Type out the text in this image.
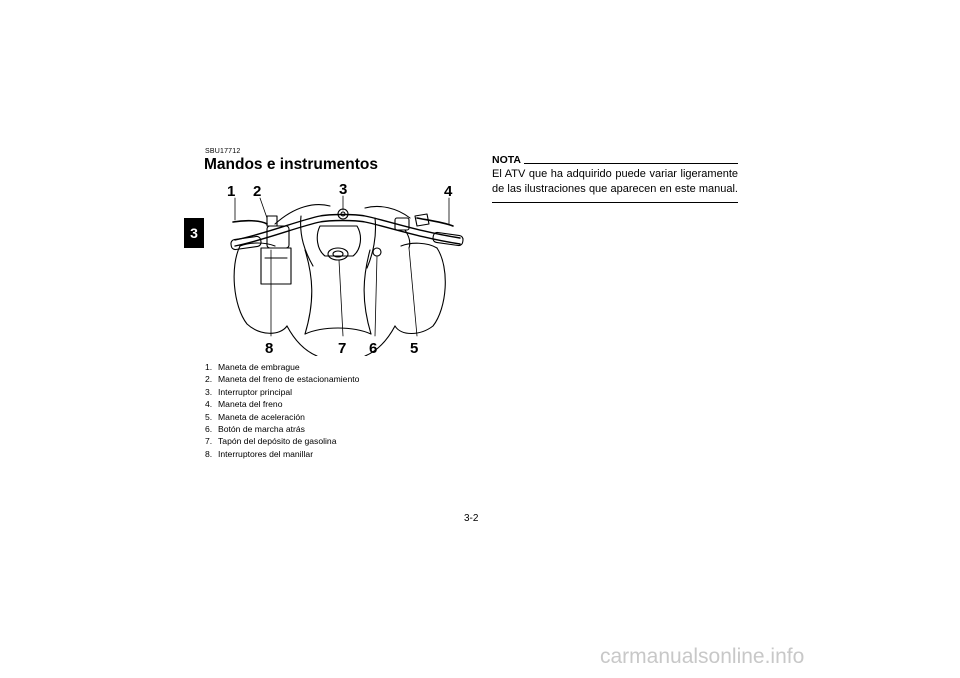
3
SBU17712
Mandos e instrumentos
1 2	3	4
5
6
7
8
1. Maneta de embrague
2. Maneta del freno de estacionamiento
3. Interruptor principal
4. Maneta del freno
5. Maneta de aceleración
6. Botón de marcha atrás
7. Tapón del depósito de gasolina
8. Interruptores del manillar
NOTA

El ATV que ha adquirido puede variar ligeramente
de las ilustraciones que aparecen en este manual.

3-2
carmanualsonline.info
